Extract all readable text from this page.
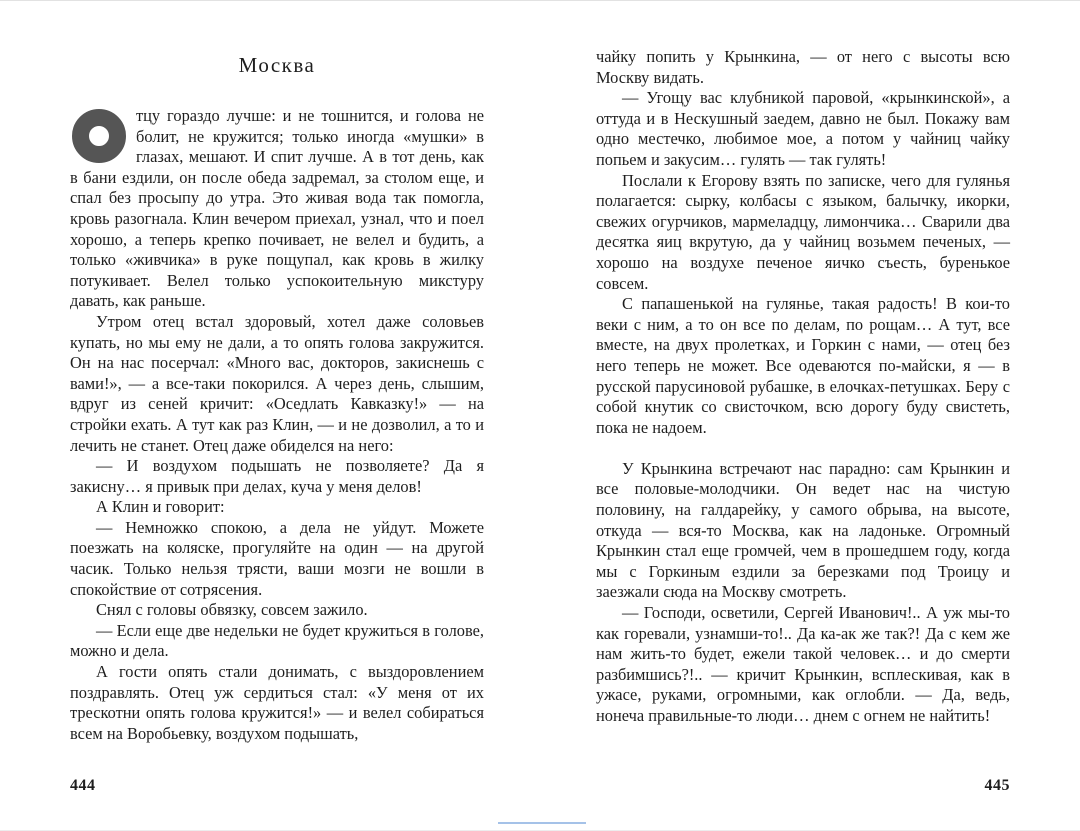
Москва

тцу гораздо лучше: и не тошнится, и голова не болит, не кружится; только иногда «мушки» в глазах, мешают. И спит лучше. А в тот день, как в бани ездили, он после обеда задремал, за столом еще, и спал без просыпу до утра. Это живая вода так помогла, кровь разогнала. Клин вечером приехал, узнал, что и поел хорошо, а теперь крепко почивает, не велел и будить, а только «живчика» в руке пощупал, как кровь в жилку потукивает. Велел только успокоительную микстуру давать, как раньше.

Утром отец встал здоровый, хотел даже соловьев купать, но мы ему не дали, а то опять голова закружится. Он на нас посерчал: «Много вас, докторов, закиснешь с вами!», — а все-таки покорился. А через день, слышим, вдруг из сеней кричит: «Оседлать Кавказку!» — на стройки ехать. А тут как раз Клин, — и не дозволил, а то и лечить не станет. Отец даже обиделся на него:

— И воздухом подышать не позволяете? Да я закисну… я привык при делах, куча у меня делов!

А Клин и говорит:

— Немножко спокою, а дела не уйдут. Можете поезжать на коляске, прогуляйте на один — на другой часик. Только нельзя трясти, ваши мозги не вошли в спокойствие от сотрясения.

Снял с головы обвязку, совсем зажило.

— Если еще две недельки не будет кружиться в голове, можно и дела.

А гости опять стали донимать, с выздоровлением поздравлять. Отец уж сердиться стал: «У меня от их трескотни опять голова кружится!» — и велел собираться всем на Воробьевку, воздухом подышать,

444

чайку попить у Крынкина, — от него с высоты всю Москву видать.

— Угощу вас клубникой паровой, «крынкинской», а оттуда и в Нескушный заедем, давно не был. Покажу вам одно местечко, любимое мое, а потом у чайниц чайку попьем и закусим… гулять — так гулять!

Послали к Егорову взять по записке, чего для гулянья полагается: сырку, колбасы с языком, балычку, икорки, свежих огурчиков, мармеладцу, лимончика… Сварили два десятка яиц вкрутую, да у чайниц возьмем печеных, — хорошо на воздухе печеное яичко съесть, буренькое совсем.

С папашенькой на гулянье, такая радость! В кои-то веки с ним, а то он все по делам, по рощам… А тут, все вместе, на двух пролетках, и Горкин с нами, — отец без него теперь не может. Все одеваются по-майски, я — в русской парусиновой рубашке, в елочках-петушках. Беру с собой кнутик со свисточком, всю дорогу буду свистеть, пока не надоем.

У Крынкина встречают нас парадно: сам Крынкин и все половые-молодчики. Он ведет нас на чистую половину, на галдарейку, у самого обрыва, на высоте, откуда — вся-то Москва, как на ладоньке. Огромный Крынкин стал еще громчей, чем в прошедшем году, когда мы с Горкиным ездили за березками под Троицу и заезжали сюда на Москву смотреть.

— Господи, осветили, Сергей Иванович!.. А уж мы-то как горевали, узнамши-то!.. Да ка-ак же так?! Да с кем же нам жить-то будет, ежели такой человек… и до смерти разбимшись?!.. — кричит Крынкин, всплескивая, как в ужасе, руками, огромными, как оглобли. — Да, ведь, нонеча правильные-то люди… днем с огнем не найтить!

445
